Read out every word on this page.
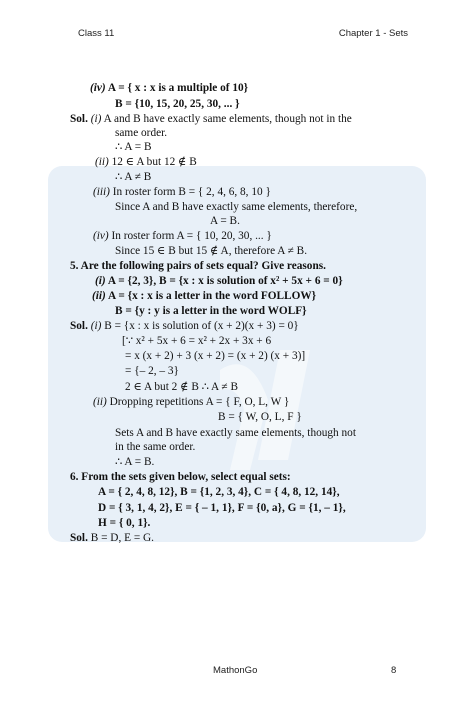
Class 11	Chapter 1 - Sets
(iv) A = { x : x is a multiple of 10}
B = {10, 15, 20, 25, 30, ... }
Sol. (i) A and B have exactly same elements, though not in the
same order.
∴ A = B
(ii) 12 ∈ A but 12 ∉ B
∴ A ≠ B
(iii) In roster form B = { 2, 4, 6, 8, 10 }
Since A and B have exactly same elements, therefore,
A = B.
(iv) In roster form A = { 10, 20, 30, ... }
Since 15 ∈ B but 15 ∉ A, therefore A ≠ B.
5. Are the following pairs of sets equal? Give reasons.
(i) A = {2, 3}, B = {x : x is solution of x² + 5x + 6 = 0}
(ii) A = {x : x is a letter in the word FOLLOW}
B = {y : y is a letter in the word WOLF}
Sol. (i) B = {x : x is solution of (x + 2)(x + 3) = 0}
[∵ x² + 5x + 6 = x² + 2x + 3x + 6
= x (x + 2) + 3 (x + 2) = (x + 2) (x + 3)]
= {– 2, – 3}
2 ∈ A but 2 ∉ B ∴ A ≠ B
(ii) Dropping repetitions A = { F, O, L, W }
B = { W, O, L, F }
Sets A and B have exactly same elements, though not
in the same order.
∴ A = B.
6. From the sets given below, select equal sets:
A = { 2, 4, 8, 12}, B = {1, 2, 3, 4}, C = { 4, 8, 12, 14},
D = { 3, 1, 4, 2}, E = { – 1, 1}, F = {0, a}, G = {1, – 1},
H = { 0, 1}.
Sol. B = D, E = G.
MathonGo	8
